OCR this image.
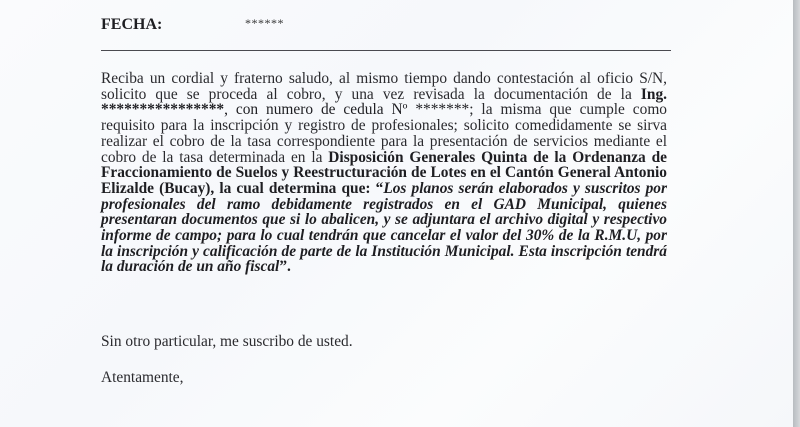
FECHA:	******

Reciba un cordial y fraterno saludo, al mismo tiempo dando contestación al oficio S/N, solicito que se proceda al cobro, y una vez revisada la documentación de la Ing. ****************, con numero de cedula Nº *******; la misma que cumple como requisito para la inscripción y registro de profesionales; solicito comedidamente se sirva realizar el cobro de la tasa correspondiente para la presentación de servicios mediante el cobro de la tasa determinada en la Disposición Generales Quinta de la Ordenanza de Fraccionamiento de Suelos y Reestructuración de Lotes en el Cantón General Antonio Elizalde (Bucay), la cual determina que: “Los planos serán elaborados y suscritos por profesionales del ramo debidamente registrados en el GAD Municipal, quienes presentaran documentos que si lo abalicen, y se adjuntara el archivo digital y respectivo informe de campo; para lo cual tendrán que cancelar el valor del 30% de la R.M.U, por la inscripción y calificación de parte de la Institución Municipal. Esta inscripción tendrá la duración de un año fiscal”.

Sin otro particular, me suscribo de usted.

Atentamente,
